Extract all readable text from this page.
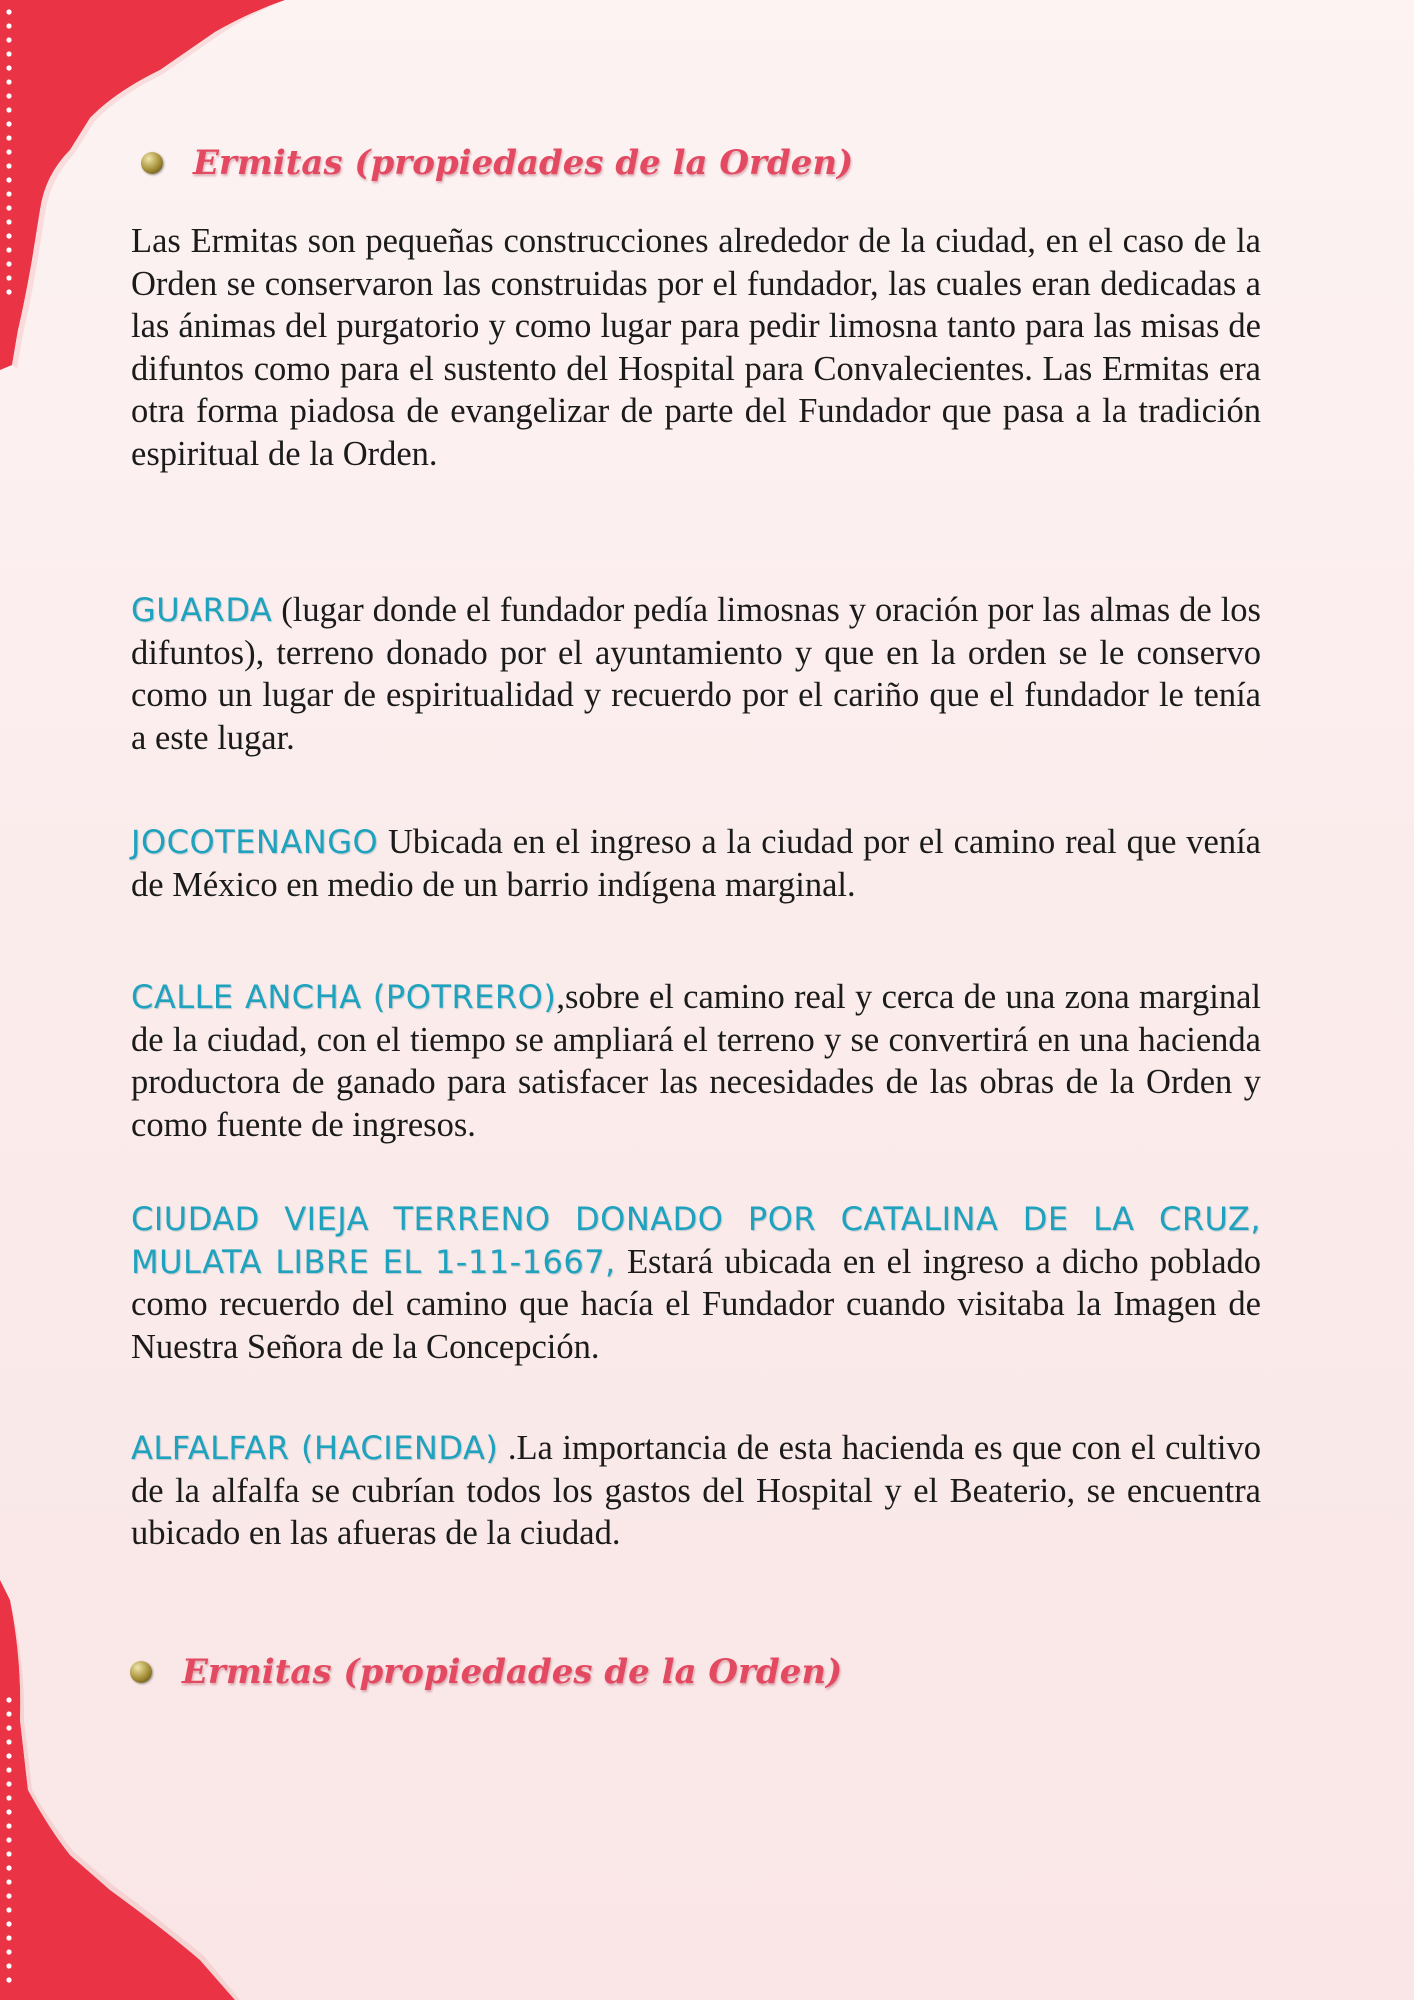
Ermitas (propiedades de la Orden)

Las Ermitas son pequeñas construcciones alrededor de la ciudad, en el caso de la Orden se conservaron las construidas por el fundador, las cuales eran dedicadas a las ánimas del purgatorio y como lugar para pedir limosna tanto para las misas de difuntos como para el sustento del Hospital para Convalecientes. Las Ermitas era otra forma piadosa de evangelizar de parte del Fundador que pasa a la tradición espiritual de la Orden.

GUARDA (lugar donde el fundador pedía limosnas y oración por las almas de los difuntos), terreno donado por el ayuntamiento y que en la orden se le conservo como un lugar de espiritualidad y recuerdo por el cariño que el fundador le tenía a este lugar.

JOCOTENANGO Ubicada en el ingreso a la ciudad por el camino real que venía de México en medio de un barrio indígena marginal.

CALLE ANCHA (POTRERO),sobre el camino real y cerca de una zona marginal de la ciudad, con el tiempo se ampliará el terreno y se convertirá en una hacienda productora de ganado para satisfacer las necesidades de las obras de la Orden y como fuente de ingresos.

CIUDAD VIEJA TERRENO DONADO POR CATALINA DE LA CRUZ, MULATA LIBRE EL 1-11-1667, Estará ubicada en el ingreso a dicho poblado como recuerdo del camino que hacía el Fundador cuando visitaba la Imagen de Nuestra Señora de la Concepción.

ALFALFAR (HACIENDA) .La importancia de esta hacienda es que con el cultivo de la alfalfa se cubrían todos los gastos del Hospital y el Beaterio, se encuentra ubicado en las afueras de la ciudad.

Ermitas (propiedades de la Orden)
